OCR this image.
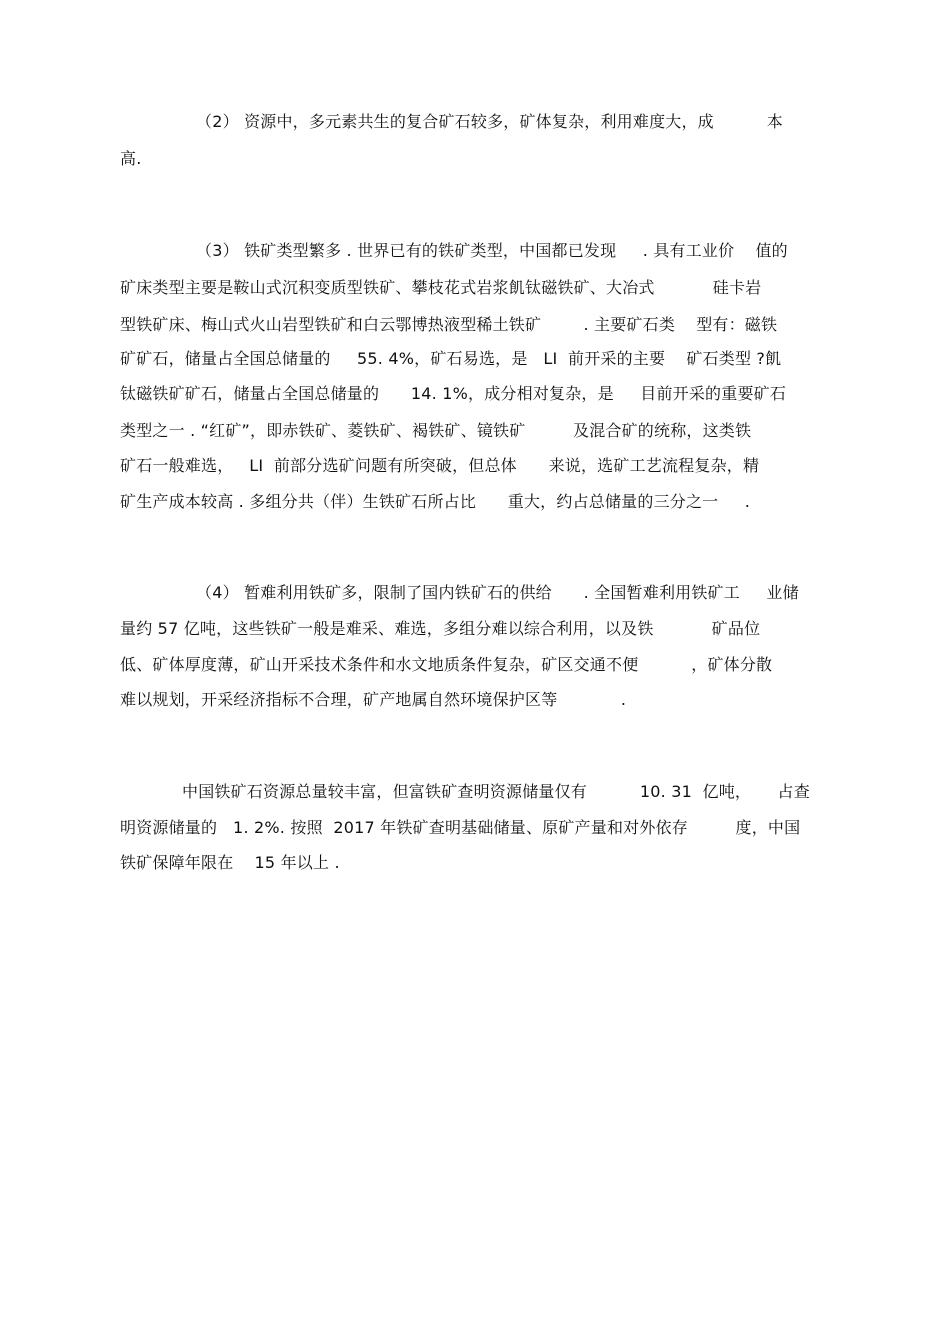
（2） 资源中，多元素共生的复合矿石较多，矿体复杂，利用难度大，成          本
高.
（3） 铁矿类型繁多 . 世界已有的铁矿类型，中国都已发现     . 具有工业价    值的
矿床类型主要是鞍山式沉积变质型铁矿、攀枝花式岩浆飢钛磁铁矿、大冶式           硅卡岩
型铁矿床、梅山式火山岩型铁矿和白云鄂博热液型稀土铁矿        . 主要矿石类    型有：磁铁
矿矿石，储量占全国总储量的     55. 4%，矿石易选，是   LI  前开采的主要    矿石类型 ?飢
钛磁铁矿矿石，储量占全国总储量的      14. 1%，成分相对复杂，是     目前开采的重要矿石
类型之一 . “红矿”，即赤铁矿、菱铁矿、褐铁矿、镜铁矿         及混合矿的统称，这类铁
矿石一般难选，   LI  前部分选矿问题有所突破，但总体      来说，选矿工艺流程复杂，精
矿生产成本较高 . 多组分共（伴）生铁矿石所占比      重大，约占总储量的三分之一     .
（4） 暂难利用铁矿多，限制了国内铁矿石的供给      . 全国暂难利用铁矿工     业储
量约 57 亿吨，这些铁矿一般是难采、难选，多组分难以综合利用，以及铁           矿品位
低、矿体厚度薄，矿山开采技术条件和水文地质条件复杂，矿区交通不便          ，矿体分散
难以规划，开采经济指标不合理，矿产地属自然环境保护区等            .
中国铁矿石资源总量较丰富，但富铁矿查明资源储量仅有          10. 31  亿吨，     占查
明资源储量的   1. 2%. 按照  2017 年铁矿查明基础储量、原矿产量和对外依存         度，中国
铁矿保障年限在    15 年以上 .
